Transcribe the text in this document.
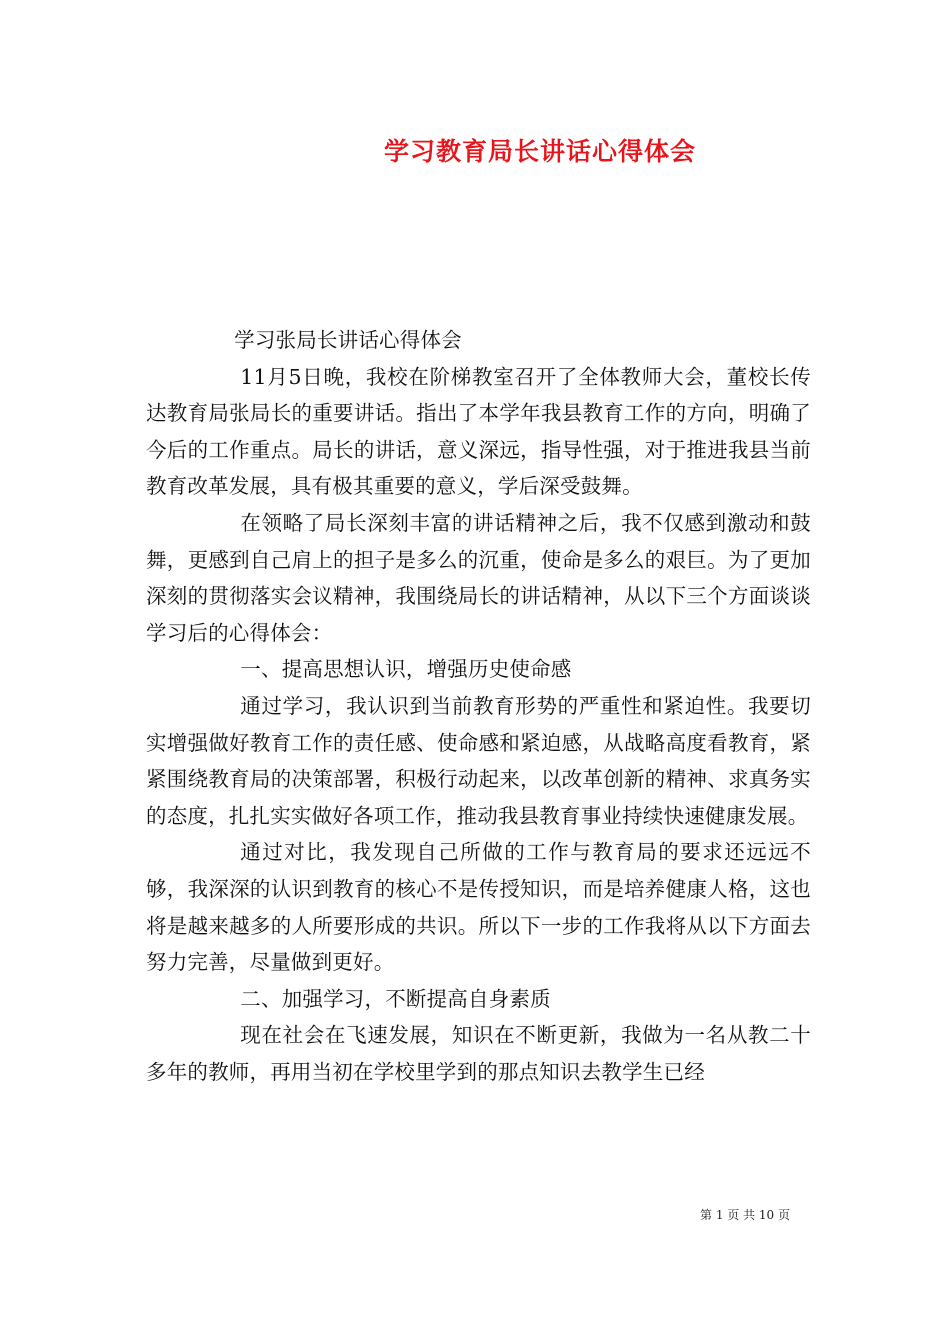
学习教育局长讲话心得体会

学习张局长讲话心得体会

11月5日晚，我校在阶梯教室召开了全体教师大会，董校长传达教育局张局长的重要讲话。指出了本学年我县教育工作的方向，明确了今后的工作重点。局长的讲话，意义深远，指导性强，对于推进我县当前教育改革发展，具有极其重要的意义，学后深受鼓舞。

在领略了局长深刻丰富的讲话精神之后，我不仅感到激动和鼓舞，更感到自己肩上的担子是多么的沉重，使命是多么的艰巨。为了更加深刻的贯彻落实会议精神，我围绕局长的讲话精神，从以下三个方面谈谈学习后的心得体会：

一、提高思想认识，增强历史使命感

通过学习，我认识到当前教育形势的严重性和紧迫性。我要切实增强做好教育工作的责任感、使命感和紧迫感，从战略高度看教育，紧紧围绕教育局的决策部署，积极行动起来，以改革创新的精神、求真务实的态度，扎扎实实做好各项工作，推动我县教育事业持续快速健康发展。

通过对比，我发现自己所做的工作与教育局的要求还远远不够，我深深的认识到教育的核心不是传授知识，而是培养健康人格，这也将是越来越多的人所要形成的共识。所以下一步的工作我将从以下方面去努力完善，尽量做到更好。

二、加强学习，不断提高自身素质

现在社会在飞速发展，知识在不断更新，我做为一名从教二十多年的教师，再用当初在学校里学到的那点知识去教学生已经

第 1 页 共 10 页
